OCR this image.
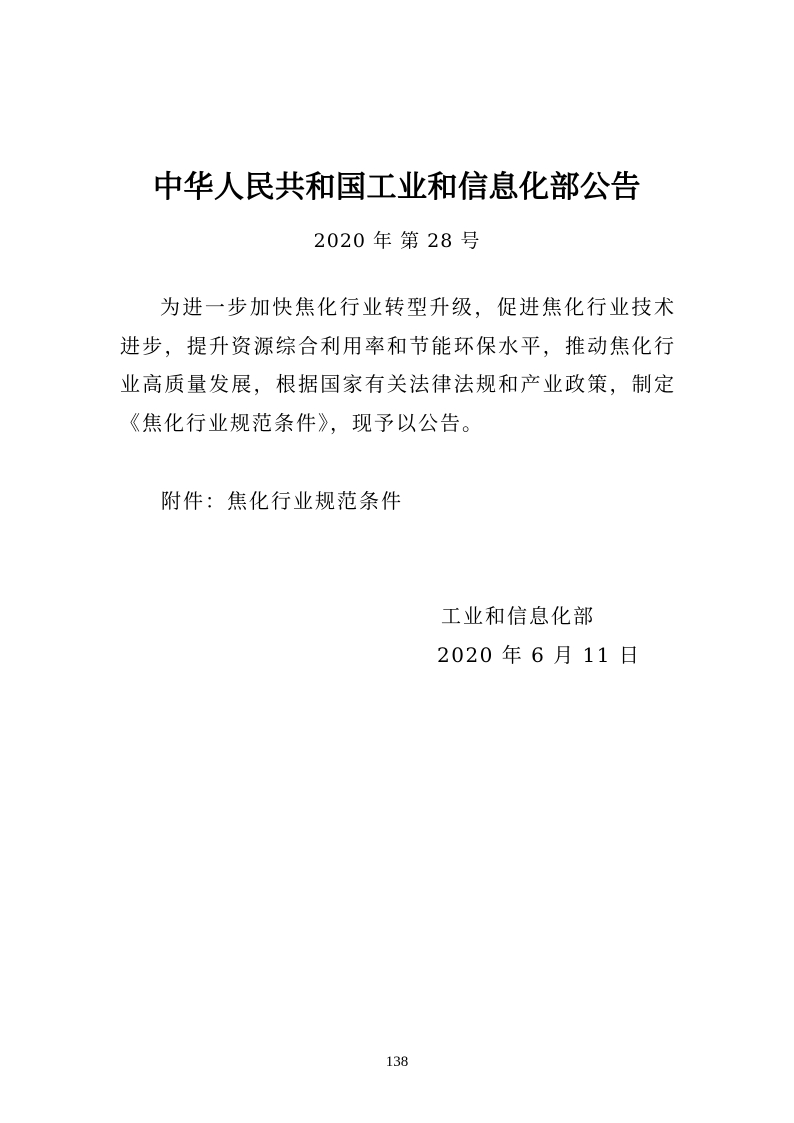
中华人民共和国工业和信息化部公告
2020 年 第 28 号

为进一步加快焦化行业转型升级，促进焦化行业技术进步，提升资源综合利用率和节能环保水平，推动焦化行业高质量发展，根据国家有关法律法规和产业政策，制定《焦化行业规范条件》，现予以公告。

附件：焦化行业规范条件
工业和信息化部
2020 年 6 月 11 日
138
